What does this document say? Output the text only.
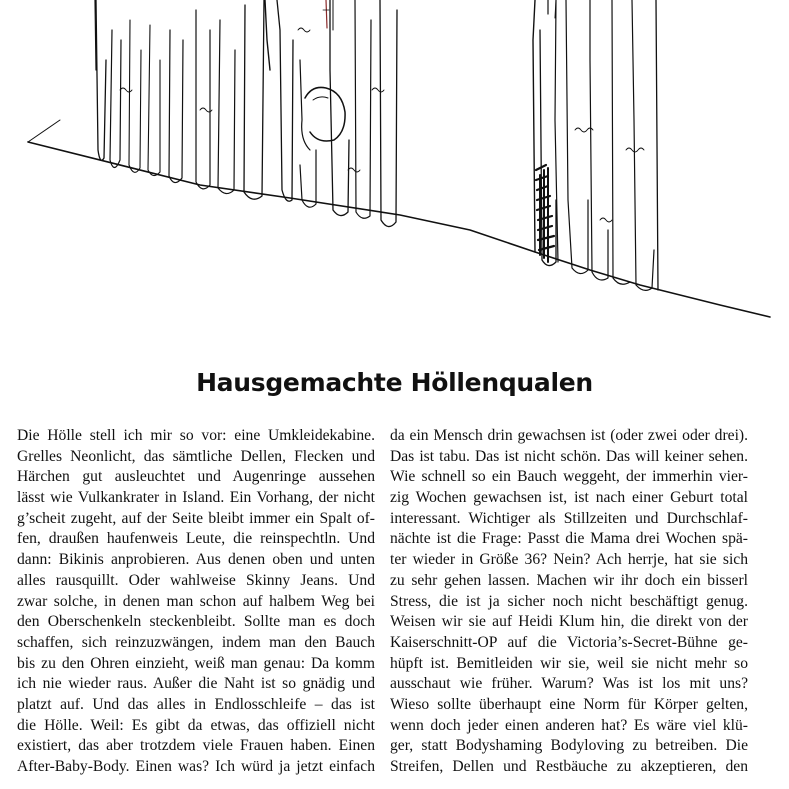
Hausgemachte Höllenqualen
Die Hölle stell ich mir so vor: eine Umkleidekabine.
Grelles Neonlicht, das sämtliche Dellen, Flecken und
Härchen gut ausleuchtet und Augenringe aussehen
lässt wie Vulkankrater in Island. Ein Vorhang, der nicht
g’scheit zugeht, auf der Seite bleibt immer ein Spalt of-
fen, draußen haufenweis Leute, die reinspechtln. Und
dann: Bikinis anprobieren. Aus denen oben und unten
alles rausquillt. Oder wahlweise Skinny Jeans. Und
zwar solche, in denen man schon auf halbem Weg bei
den Oberschenkeln steckenbleibt. Sollte man es doch
schaffen, sich reinzuzwängen, indem man den Bauch
bis zu den Ohren einzieht, weiß man genau: Da komm
ich nie wieder raus. Außer die Naht ist so gnädig und
platzt auf. Und das alles in Endlosschleife – das ist
die Hölle. Weil: Es gibt da etwas, das offiziell nicht
existiert, das aber trotzdem viele Frauen haben. Einen
After-Baby-Body. Einen was? Ich würd ja jetzt einfach
da ein Mensch drin gewachsen ist (oder zwei oder drei).
Das ist tabu. Das ist nicht schön. Das will keiner sehen.
Wie schnell so ein Bauch weggeht, der immerhin vier-
zig Wochen gewachsen ist, ist nach einer Geburt total
interessant. Wichtiger als Stillzeiten und Durchschlaf-
nächte ist die Frage: Passt die Mama drei Wochen spä-
ter wieder in Größe 36? Nein? Ach herrje, hat sie sich
zu sehr gehen lassen. Machen wir ihr doch ein bisserl
Stress, die ist ja sicher noch nicht beschäftigt genug.
Weisen wir sie auf Heidi Klum hin, die direkt von der
Kaiserschnitt-OP auf die Victoria’s-Secret-Bühne ge-
hüpft ist. Bemitleiden wir sie, weil sie nicht mehr so
ausschaut wie früher. Warum? Was ist los mit uns?
Wieso sollte überhaupt eine Norm für Körper gelten,
wenn doch jeder einen anderen hat? Es wäre viel klü-
ger, statt Bodyshaming Bodyloving zu betreiben. Die
Streifen, Dellen und Restbäuche zu akzeptieren, den
